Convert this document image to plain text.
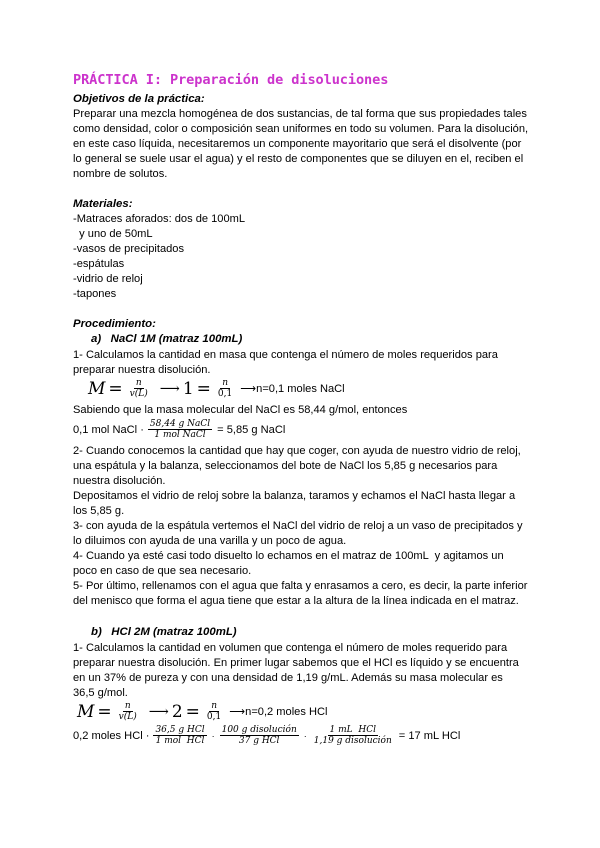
PRÁCTICA I: Preparación de disoluciones
Objetivos de la práctica:
Preparar una mezcla homogénea de dos sustancias, de tal forma que sus propiedades tales
como densidad, color o composición sean uniformes en todo su volumen. Para la disolución,
en este caso líquida, necesitaremos un componente mayoritario que será el disolvente (por
lo general se suele usar el agua) y el resto de componentes que se diluyen en el, reciben el
nombre de solutos.
Materiales:
-Matraces aforados: dos de 100mL
y uno de 50mL
-vasos de precipitados
-espátulas
-vidrio de reloj
-tapones
Procedimiento:
a)   NaCl 1M (matraz 100mL)
1- Calculamos la cantidad en masa que contenga el número de moles requeridos para
preparar nuestra disolución.
$M = \frac{n}{v(L)}$ ⟶ $1 = \frac{n}{0,1}$ ⟶n=0,1 moles NaCl
Sabiendo que la masa molecular del NaCl es 58,44 g/mol, entonces
0,1 mol NaCl · $\frac{\text{58,44 g NaCl}}{\text{1 mol NaCl}} = 5,85$ g NaCl
2- Cuando conocemos la cantidad que hay que coger, con ayuda de nuestro vidrio de reloj,
una espátula y la balanza, seleccionamos del bote de NaCl los 5,85 g necesarios para
nuestra disolución.
Depositamos el vidrio de reloj sobre la balanza, taramos y echamos el NaCl hasta llegar a
los 5,85 g.
3- con ayuda de la espátula vertemos el NaCl del vidrio de reloj a un vaso de precipitados y
lo diluimos con ayuda de una varilla y un poco de agua.
4- Cuando ya esté casi todo disuelto lo echamos en el matraz de 100mL  y agitamos un
poco en caso de que sea necesario.
5- Por último, rellenamos con el agua que falta y enrasamos a cero, es decir, la parte inferior
del menisco que forma el agua tiene que estar a la altura de la línea indicada en el matraz.
b)   HCl 2M (matraz 100mL)
1- Calculamos la cantidad en volumen que contenga el número de moles requerido para
preparar nuestra disolución. En primer lugar sabemos que el HCl es líquido y se encuentra
en un 37% de pureza y con una densidad de 1,19 g/mL. Además su masa molecular es
36,5 g/mol.
$M = \frac{n}{v(L)}$ ⟶ $2 = \frac{n}{0,1}$ ⟶n=0,2 moles HCl
0,2 moles HCl · $\frac{\text{36,5 g HCl}}{\text{1 mol  HCl}} \cdot \frac{\text{100 g disolución}}{\text{37 g HCl}} \cdot \frac{\text{1 mL  HCl}}{\text{1,19 g disolución}} = 17$ mL HCl
